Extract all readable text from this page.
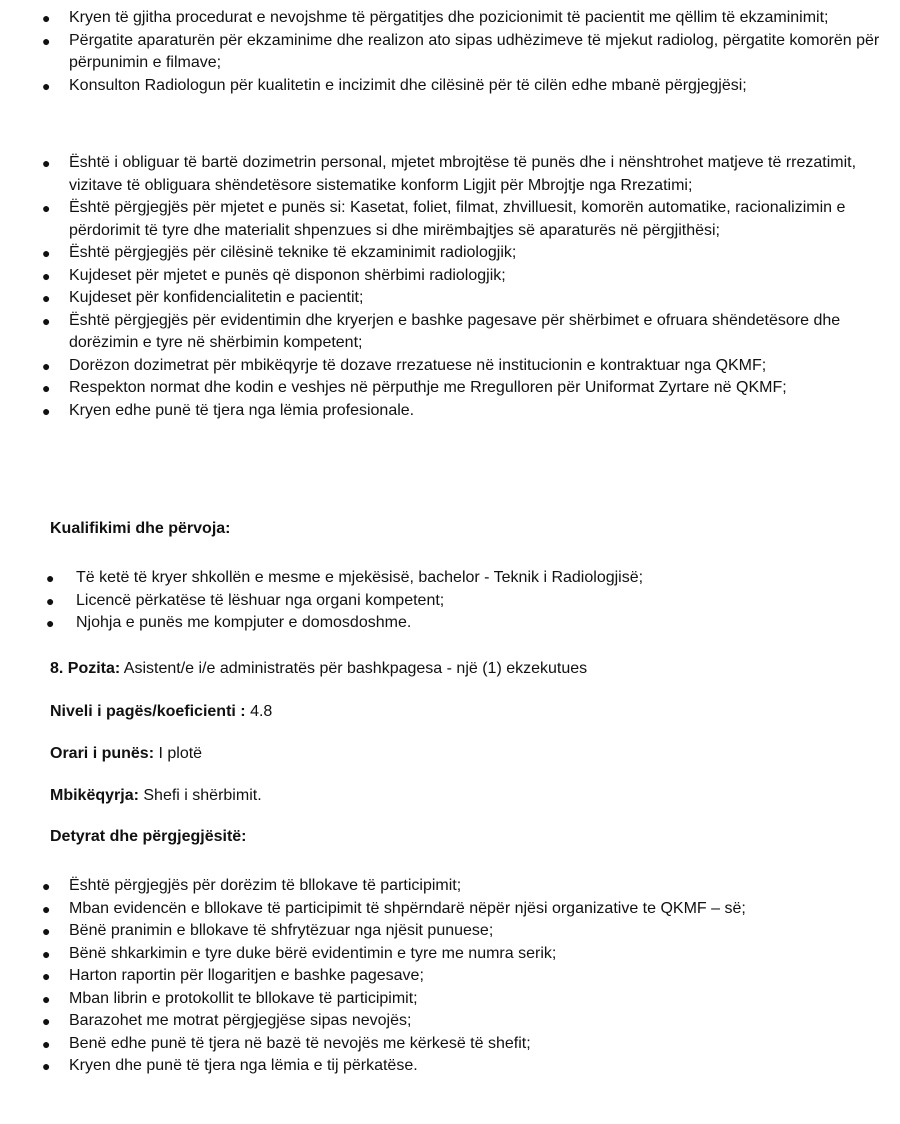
● Kryen të gjitha procedurat e nevojshme të përgatitjes dhe pozicionimit të pacientit me qëllim të ekzaminimit;
● Përgatite aparaturën për ekzaminime dhe realizon ato sipas udhëzimeve të mjekut radiolog, përgatite komorën për përpunimin e filmave;
● Konsulton Radiologun për kualitetin e incizimit dhe cilësinë për të cilën edhe mbanë përgjegjësi;
● Është i obliguar të bartë dozimetrin personal, mjetet mbrojtëse të punës dhe i nënshtrohet matjeve të rrezatimit, vizitave të obliguara shëndetësore sistematike konform Ligjit për Mbrojtje nga Rrezatimi;
● Është përgjegjës për mjetet e punës si: Kasetat, foliet, filmat, zhvilluesit, komorën automatike, racionalizimin e përdorimit të tyre dhe materialit shpenzues si dhe mirëmbajtjes së aparaturës në përgjithësi;
● Është përgjegjës për cilësinë teknike të ekzaminimit radiologjik;
● Kujdeset për mjetet e punës që disponon shërbimi radiologjik;
● Kujdeset për konfidencialitetin e pacientit;
● Është përgjegjës për evidentimin dhe kryerjen e bashke pagesave për shërbimet e ofruara shëndetësore dhe dorëzimin e tyre në shërbimin kompetent;
● Dorëzon dozimetrat për mbikëqyrje të dozave rrezatuese në institucionin e kontraktuar nga QKMF;
● Respekton normat dhe kodin e veshjes në përputhje me Rregulloren për Uniformat Zyrtare në QKMF;
● Kryen edhe punë të tjera nga lëmia profesionale.
Kualifikimi dhe përvoja:
● Të ketë të kryer shkollën e mesme e mjekësisë, bachelor - Teknik i Radiologjisë;
● Licencë përkatëse të lëshuar nga organi kompetent;
● Njohja e punës me kompjuter e domosdoshme.
8. Pozita: Asistent/e i/e administratës për bashkpagesa - një (1) ekzekutues
Niveli i pagës/koeficienti : 4.8
Orari i punës: I plotë
Mbikëqyrja: Shefi i shërbimit.
Detyrat dhe përgjegjësitë:
● Është përgjegjës për dorëzim të bllokave të participimit;
● Mban evidencën e bllokave të participimit të shpërndarë nëpër njësi organizative te QKMF – së;
● Bënë pranimin e bllokave të shfrytëzuar nga njësit punuese;
● Bënë shkarkimin e tyre duke bërë evidentimin e tyre me numra serik;
● Harton raportin për llogaritjen e bashke pagesave;
● Mban librin e protokollit te bllokave të participimit;
● Barazohet me motrat përgjegjëse sipas nevojës;
● Benë edhe punë të tjera në bazë të nevojës me kërkesë të shefit;
● Kryen dhe punë të tjera nga lëmia e tij përkatëse.
